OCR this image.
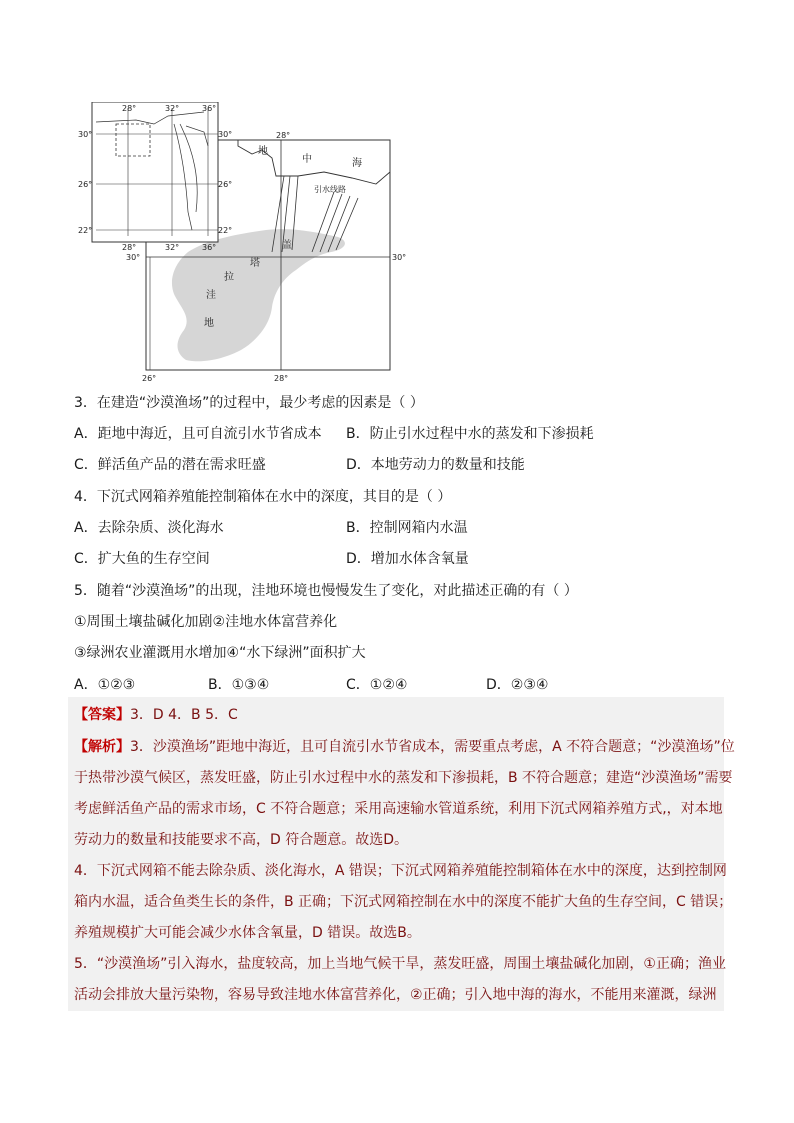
28°	32°	36°
30°
26°
22°
30°
26°
22°
28°	32°	36°
28°
30°	30°
26°	28°
地
中	海
引水线路
盖
塔
拉
洼
地
3．在建造“沙漠渔场”的过程中，最少考虑的因素是（ ）
A．距地中海近，且可自流引水节省成本 B．防止引水过程中水的蒸发和下渗损耗
C．鲜活鱼产品的潜在需求旺盛	D．本地劳动力的数量和技能
4．下沉式网箱养殖能控制箱体在水中的深度，其目的是（ ）
A．去除杂质、淡化海水	B．控制网箱内水温
C．扩大鱼的生存空间	D．增加水体含氧量
5．随着“沙漠渔场”的出现，洼地环境也慢慢发生了变化，对此描述正确的有（ ）
①周围土壤盐碱化加剧②洼地水体富营养化
③绿洲农业灌溉用水增加④“水下绿洲”面积扩大
A．①②③	B．①③④	C．①②④	D．②③④
【答案】3．D 4．B 5．C
【解析】3．沙漠渔场”距地中海近，且可自流引水节省成本，需要重点考虑，A 不符合题意；“沙漠渔场”位
于热带沙漠气候区，蒸发旺盛，防止引水过程中水的蒸发和下渗损耗，B 不符合题意；建造“沙漠渔场”需要
考虑鲜活鱼产品的需求市场，C 不符合题意；采用高速输水管道系统，利用下沉式网箱养殖方式,，对本地
劳动力的数量和技能要求不高，D 符合题意。故选D。
4．下沉式网箱不能去除杂质、淡化海水，A 错误；下沉式网箱养殖能控制箱体在水中的深度，达到控制网
箱内水温，适合鱼类生长的条件，B 正确；下沉式网箱控制在水中的深度不能扩大鱼的生存空间，C 错误；
养殖规模扩大可能会减少水体含氧量，D 错误。故选B。
5．“沙漠渔场”引入海水，盐度较高，加上当地气候干旱，蒸发旺盛，周围土壤盐碱化加剧，①正确；渔业
活动会排放大量污染物，容易导致洼地水体富营养化，②正确；引入地中海的海水，不能用来灌溉，绿洲
